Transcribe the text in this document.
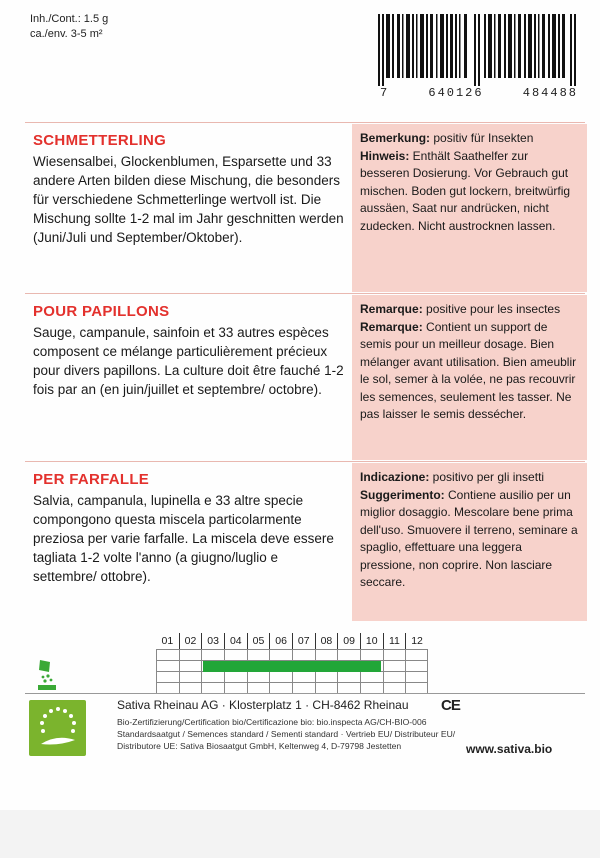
Inh./Cont.: 1.5 g
ca./env. 3-5 m²
7	640126	484488
Bemerkung: positiv für Insekten
Hinweis: Enthält Saathelfer zur besseren Dosierung. Vor Gebrauch gut mischen. Boden gut lockern, breitwürfig aussäen, Saat nur andrücken, nicht zudecken. Nicht austrocknen lassen.
SCHMETTERLING
Wiesensalbei, Glockenblumen, Esparsette und 33 andere Arten bilden diese Mischung, die besonders für verschiedene Schmetterlinge wertvoll ist. Die Mischung sollte 1-2 mal im Jahr geschnitten werden (Juni/Juli und September/Oktober).
Remarque: positive pour les insectes
Remarque: Contient un support de semis pour un meilleur dosage. Bien mélanger avant utilisation. Bien ameublir le sol, semer à la volée, ne pas recouvrir les semences, seulement les tasser. Ne pas laisser le semis dessécher.
POUR PAPILLONS
Sauge, campanule, sainfoin et 33 autres espèces composent ce mélange particulièrement précieux pour divers papillons. La culture doit être fauché 1-2 fois par an (en juin/juillet et septembre/ octobre).
Indicazione: positivo per gli insetti
Suggerimento: Contiene ausilio per un miglior dosaggio. Mescolare bene prima dell'uso. Smuovere il terreno, seminare a spaglio, effettuare una leggera pressione, non coprire. Non lasciare seccare.
PER FARFALLE
Salvia, campanula, lupinella e 33 altre specie compongono questa miscela particolarmente preziosa per varie farfalle. La miscela deve essere tagliata 1-2 volte l'anno (a giugno/luglio e settembre/ ottobre).
01	02	03	04	05	06	07	08	09	10	11	12
Sativa Rheinau AG · Klosterplatz 1 · CH-8462 Rheinau CE
Bio-Zertifizierung/Certification bio/Certificazione bio: bio.inspecta AG/CH-BIO-006
Standardsaatgut / Semences standard / Sementi standard · Vertrieb EU/ Distributeur EU/ Distributore UE: Sativa Biosaatgut GmbH, Keltenweg 4, D-79798 Jestetten	www.sativa.bio
